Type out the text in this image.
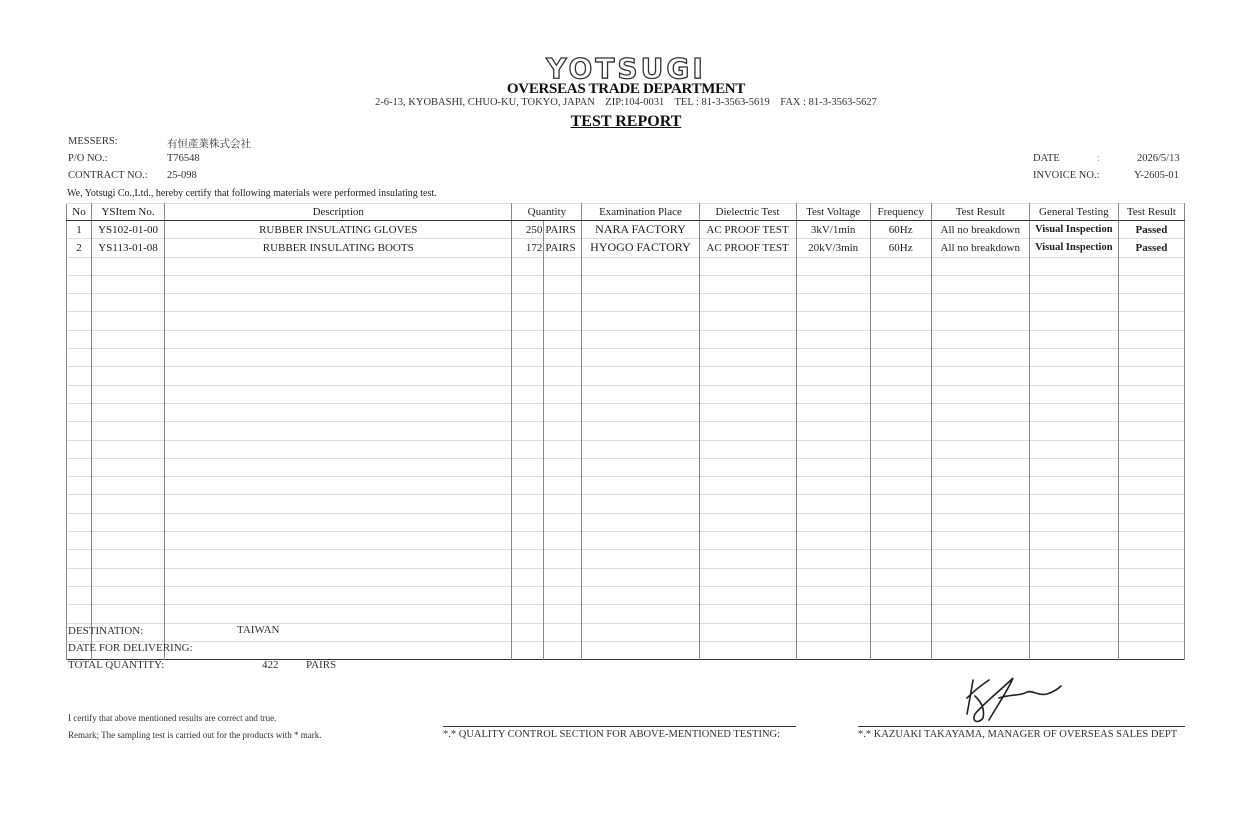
YOTSUGI
OVERSEAS TRADE DEPARTMENT
2-6-13, KYOBASHI, CHUO-KU, TOKYO, JAPAN    ZIP:104-0031    TEL : 81-3-3563-5619    FAX : 81-3-3563-5627
TEST REPORT
MESSERS:	有恒產業株式会社
P/O NO.:	T76548
CONTRACT NO.: 25-098
DATE	:	2026/5/13
INVOICE NO.:	Y-2605-01
We, Yotsugi Co.,Ltd., hereby certify that following materials were performed insulating test.
No	YSItem No.	Description	Quantity		Examination Place	Dielectric Test	Test Voltage	Frequency	Test Result	General Testing	Test Result
1	YS102-01-00	RUBBER INSULATING GLOVES	250	PAIRS	NARA FACTORY	AC PROOF TEST	3kV/1min	60Hz	All no breakdown	Visual Inspection	Passed
2	YS113-01-08	RUBBER INSULATING BOOTS	172	PAIRS	HYOGO FACTORY	AC PROOF TEST	20kV/3min	60Hz	All no breakdown	Visual Inspection	Passed

DESTINATION:	TAIWAN
DATE FOR DELIVERING:
TOTAL QUANTITY:	422	PAIRS
I certify that above mentioned results are correct and true.
Remark; The sampling test is carried out for the products with * mark.	*.* QUALITY CONTROL SECTION FOR ABOVE-MENTIONED TESTING:	*.* KAZUAKI TAKAYAMA, MANAGER OF OVERSEAS SALES DEPT
